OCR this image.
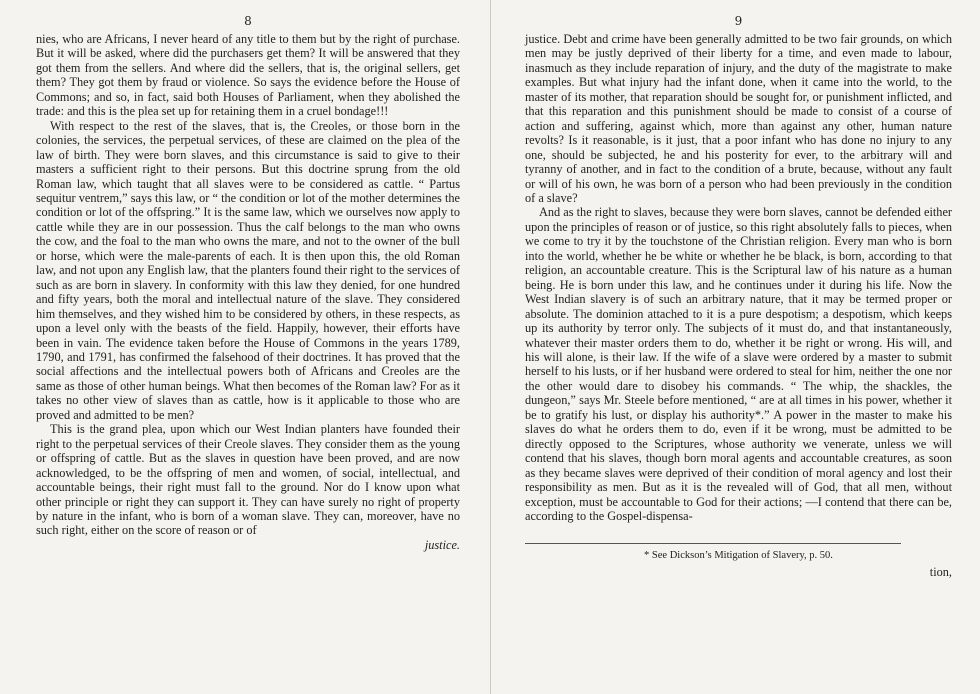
8

nies, who are Africans, I never heard of any title to them but by the right of purchase. But it will be asked, where did the purchasers get them? It will be answered that they got them from the sellers. And where did the sellers, that is, the original sellers, get them? They got them by fraud or violence. So says the evidence before the House of Commons; and so, in fact, said both Houses of Parliament, when they abolished the trade: and this is the plea set up for retaining them in a cruel bondage!!!

With respect to the rest of the slaves, that is, the Creoles, or those born in the colonies, the services, the perpetual services, of these are claimed on the plea of the law of birth. They were born slaves, and this circumstance is said to give to their masters a sufficient right to their persons. But this doctrine sprung from the old Roman law, which taught that all slaves were to be considered as cattle. “ Partus sequitur ventrem,” says this law, or “ the condition or lot of the mother determines the condition or lot of the offspring.” It is the same law, which we ourselves now apply to cattle while they are in our possession. Thus the calf belongs to the man who owns the cow, and the foal to the man who owns the mare, and not to the owner of the bull or horse, which were the male-parents of each. It is then upon this, the old Roman law, and not upon any English law, that the planters found their right to the services of such as are born in slavery. In conformity with this law they denied, for one hundred and fifty years, both the moral and intellectual nature of the slave. They considered him themselves, and they wished him to be considered by others, in these respects, as upon a level only with the beasts of the field. Happily, however, their efforts have been in vain. The evidence taken before the House of Commons in the years 1789, 1790, and 1791, has confirmed the falsehood of their doctrines. It has proved that the social affections and the intellectual powers both of Africans and Creoles are the same as those of other human beings. What then becomes of the Roman law? For as it takes no other view of slaves than as cattle, how is it applicable to those who are proved and admitted to be men?

This is the grand plea, upon which our West Indian planters have founded their right to the perpetual services of their Creole slaves. They consider them as the young or offspring of cattle. But as the slaves in question have been proved, and are now acknowledged, to be the offspring of men and women, of social, intellectual, and accountable beings, their right must fall to the ground. Nor do I know upon what other principle or right they can support it. They can have surely no right of property by nature in the infant, who is born of a woman slave. They can, moreover, have no such right, either on the score of reason or of

justice.

9

justice. Debt and crime have been generally admitted to be two fair grounds, on which men may be justly deprived of their liberty for a time, and even made to labour, inasmuch as they include reparation of injury, and the duty of the magistrate to make examples. But what injury had the infant done, when it came into the world, to the master of its mother, that reparation should be sought for, or punishment inflicted, and that this reparation and this punishment should be made to consist of a course of action and suffering, against which, more than against any other, human nature revolts? Is it reasonable, is it just, that a poor infant who has done no injury to any one, should be subjected, he and his posterity for ever, to the arbitrary will and tyranny of another, and in fact to the condition of a brute, because, without any fault or will of his own, he was born of a person who had been previously in the condition of a slave?

And as the right to slaves, because they were born slaves, cannot be defended either upon the principles of reason or of justice, so this right absolutely falls to pieces, when we come to try it by the touchstone of the Christian religion. Every man who is born into the world, whether he be white or whether he be black, is born, according to that religion, an accountable creature. This is the Scriptural law of his nature as a human being. He is born under this law, and he continues under it during his life. Now the West Indian slavery is of such an arbitrary nature, that it may be termed proper or absolute. The dominion attached to it is a pure despotism; a despotism, which keeps up its authority by terror only. The subjects of it must do, and that instantaneously, whatever their master orders them to do, whether it be right or wrong. His will, and his will alone, is their law. If the wife of a slave were ordered by a master to submit herself to his lusts, or if her husband were ordered to steal for him, neither the one nor the other would dare to disobey his commands. “ The whip, the shackles, the dungeon,” says Mr. Steele before mentioned, “ are at all times in his power, whether it be to gratify his lust, or display his authority*.” A power in the master to make his slaves do what he orders them to do, even if it be wrong, must be admitted to be directly opposed to the Scriptures, whose authority we venerate, unless we will contend that his slaves, though born moral agents and accountable creatures, as soon as they became slaves were deprived of their condition of moral agency and lost their responsibility as men. But as it is the revealed will of God, that all men, without exception, must be accountable to God for their actions; —I contend that there can be, according to the Gospel-dispensa-

* See Dickson’s Mitigation of Slavery, p. 50.

tion,
